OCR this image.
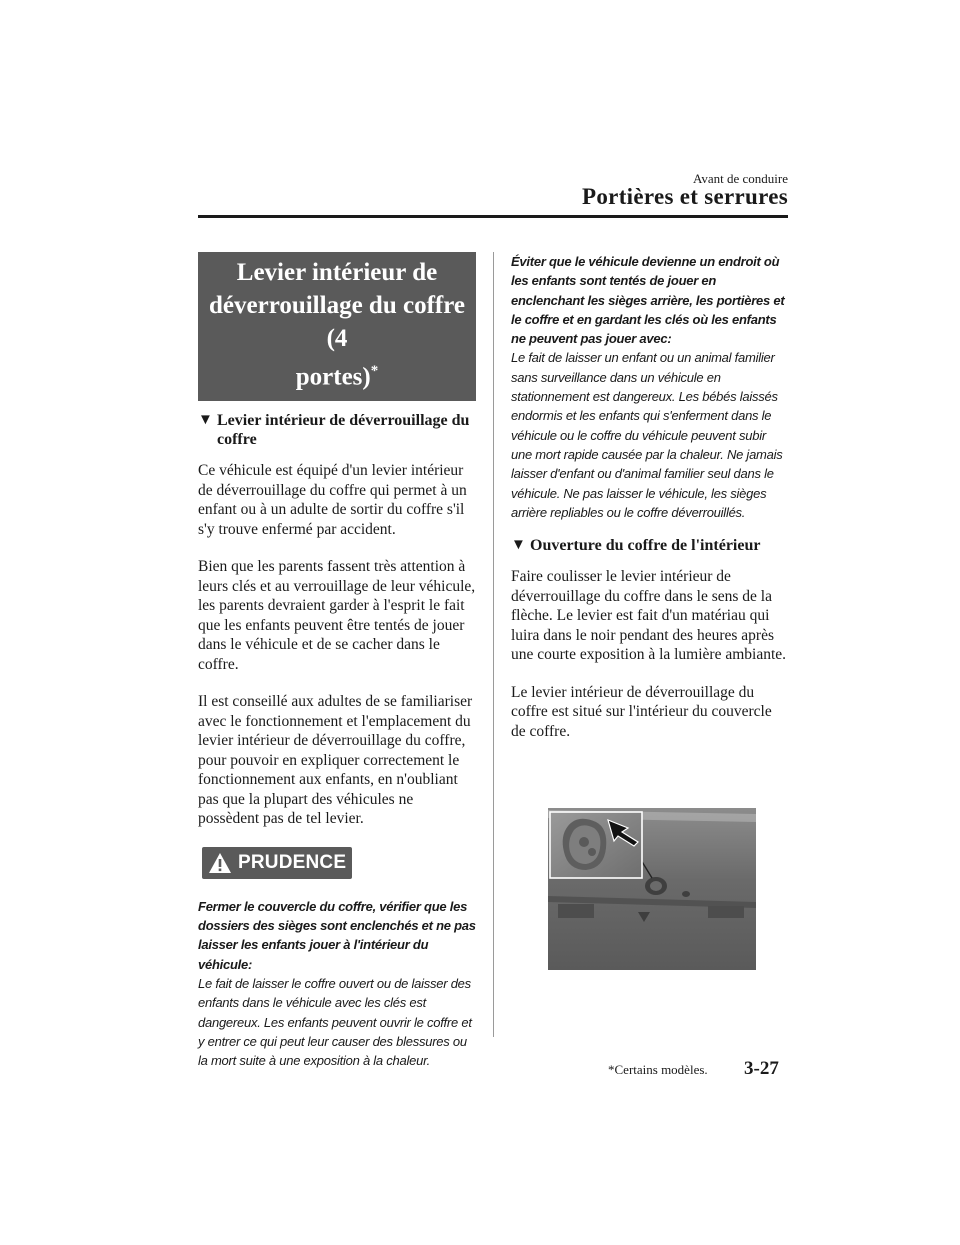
Avant de conduire
Portières et serrures
Levier intérieur de
déverrouillage du coffre (4
portes)*
▼ Levier intérieur de déverrouillage du coffre

Ce véhicule est équipé d'un levier intérieur de déverrouillage du coffre qui permet à un enfant ou à un adulte de sortir du coffre s'il s'y trouve enfermé par accident.

Bien que les parents fassent très attention à leurs clés et au verrouillage de leur véhicule, les parents devraient garder à l'esprit le fait que les enfants peuvent être tentés de jouer dans le véhicule et de se cacher dans le coffre.

Il est conseillé aux adultes de se familiariser avec le fonctionnement et l'emplacement du levier intérieur de déverrouillage du coffre, pour pouvoir en expliquer correctement le fonctionnement aux enfants, en n'oubliant pas que la plupart des véhicules ne possèdent pas de tel levier.

PRUDENCE
Fermer le couvercle du coffre, vérifier que les dossiers des sièges sont enclenchés et ne pas laisser les enfants jouer à l'intérieur du véhicule:
Le fait de laisser le coffre ouvert ou de laisser des enfants dans le véhicule avec les clés est dangereux. Les enfants peuvent ouvrir le coffre et y entrer ce qui peut leur causer des blessures ou la mort suite à une exposition à la chaleur.
Éviter que le véhicule devienne un endroit où les enfants sont tentés de jouer en enclenchant les sièges arrière, les portières et le coffre et en gardant les clés où les enfants ne peuvent pas jouer avec:
Le fait de laisser un enfant ou un animal familier sans surveillance dans un véhicule en stationnement est dangereux. Les bébés laissés endormis et les enfants qui s'enferment dans le véhicule ou le coffre du véhicule peuvent subir une mort rapide causée par la chaleur. Ne jamais laisser d'enfant ou d'animal familier seul dans le véhicule. Ne pas laisser le véhicule, les sièges arrière repliables ou le coffre déverrouillés.
▼ Ouverture du coffre de l'intérieur

Faire coulisser le levier intérieur de déverrouillage du coffre dans le sens de la flèche. Le levier est fait d'un matériau qui luira dans le noir pendant des heures après une courte exposition à la lumière ambiante.

Le levier intérieur de déverrouillage du coffre est situé sur l'intérieur du couvercle de coffre.

*Certains modèles. 3-27
